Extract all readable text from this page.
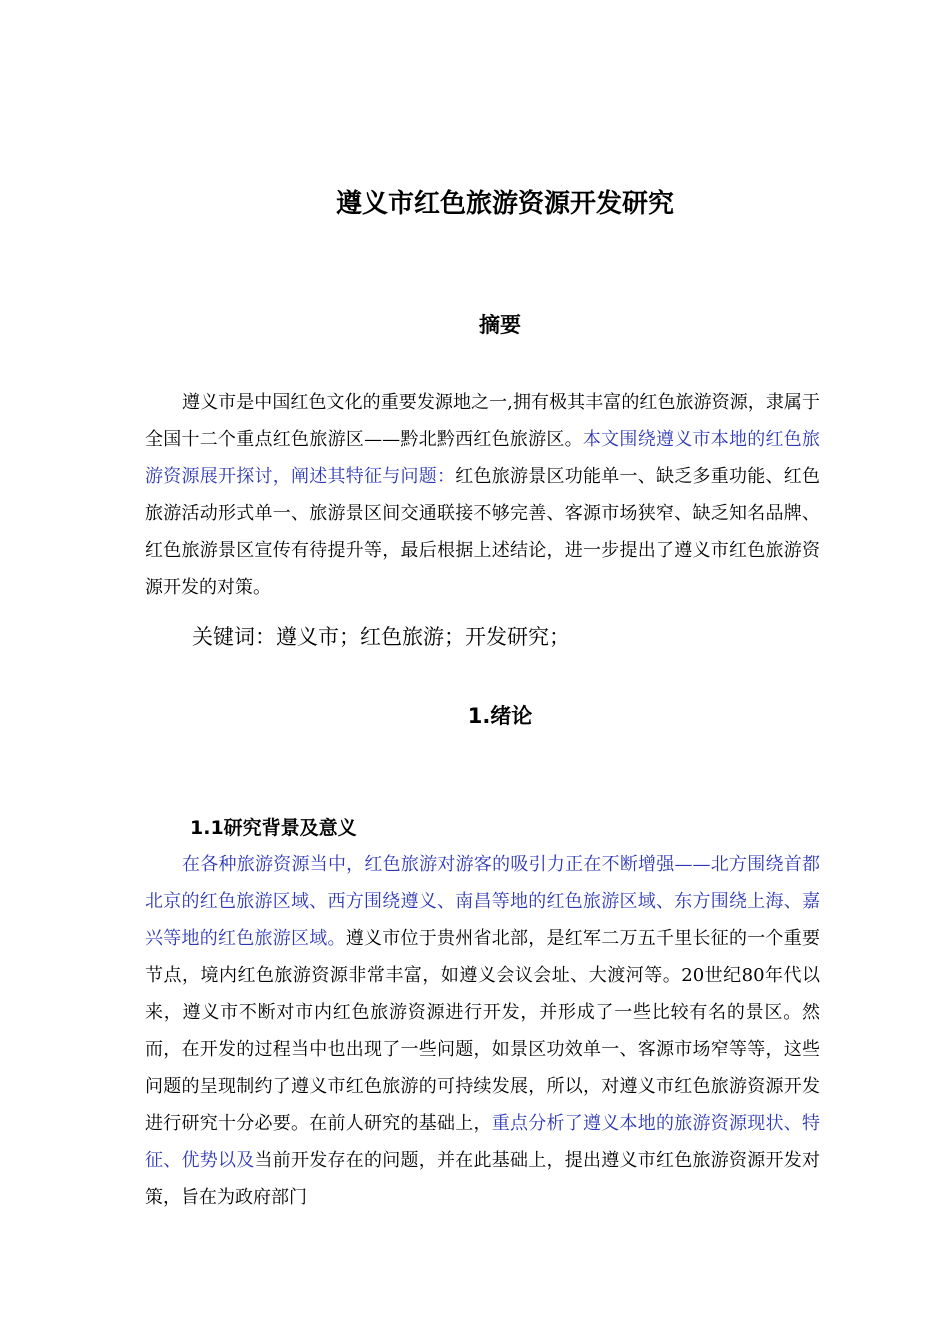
遵义市红色旅游资源开发研究
摘要

遵义市是中国红色文化的重要发源地之一,拥有极其丰富的红色旅游资源，隶属于全国十二个重点红色旅游区——黔北黔西红色旅游区。本文围绕遵义市本地的红色旅游资源展开探讨，阐述其特征与问题：红色旅游景区功能单一、缺乏多重功能、红色旅游活动形式单一、旅游景区间交通联接不够完善、客源市场狭窄、缺乏知名品牌、红色旅游景区宣传有待提升等，最后根据上述结论，进一步提出了遵义市红色旅游资源开发的对策。

关键词：遵义市；红色旅游；开发研究；
1.绪论
1.1研究背景及意义

在各种旅游资源当中，红色旅游对游客的吸引力正在不断增强——北方围绕首都北京的红色旅游区域、西方围绕遵义、南昌等地的红色旅游区域、东方围绕上海、嘉兴等地的红色旅游区域。遵义市位于贵州省北部，是红军二万五千里长征的一个重要节点，境内红色旅游资源非常丰富，如遵义会议会址、大渡河等。20世纪80年代以来，遵义市不断对市内红色旅游资源进行开发，并形成了一些比较有名的景区。然而，在开发的过程当中也出现了一些问题，如景区功效单一、客源市场窄等等，这些问题的呈现制约了遵义市红色旅游的可持续发展，所以，对遵义市红色旅游资源开发进行研究十分必要。在前人研究的基础上，重点分析了遵义本地的旅游资源现状、特征、优势以及当前开发存在的问题，并在此基础上，提出遵义市红色旅游资源开发对策，旨在为政府部门
